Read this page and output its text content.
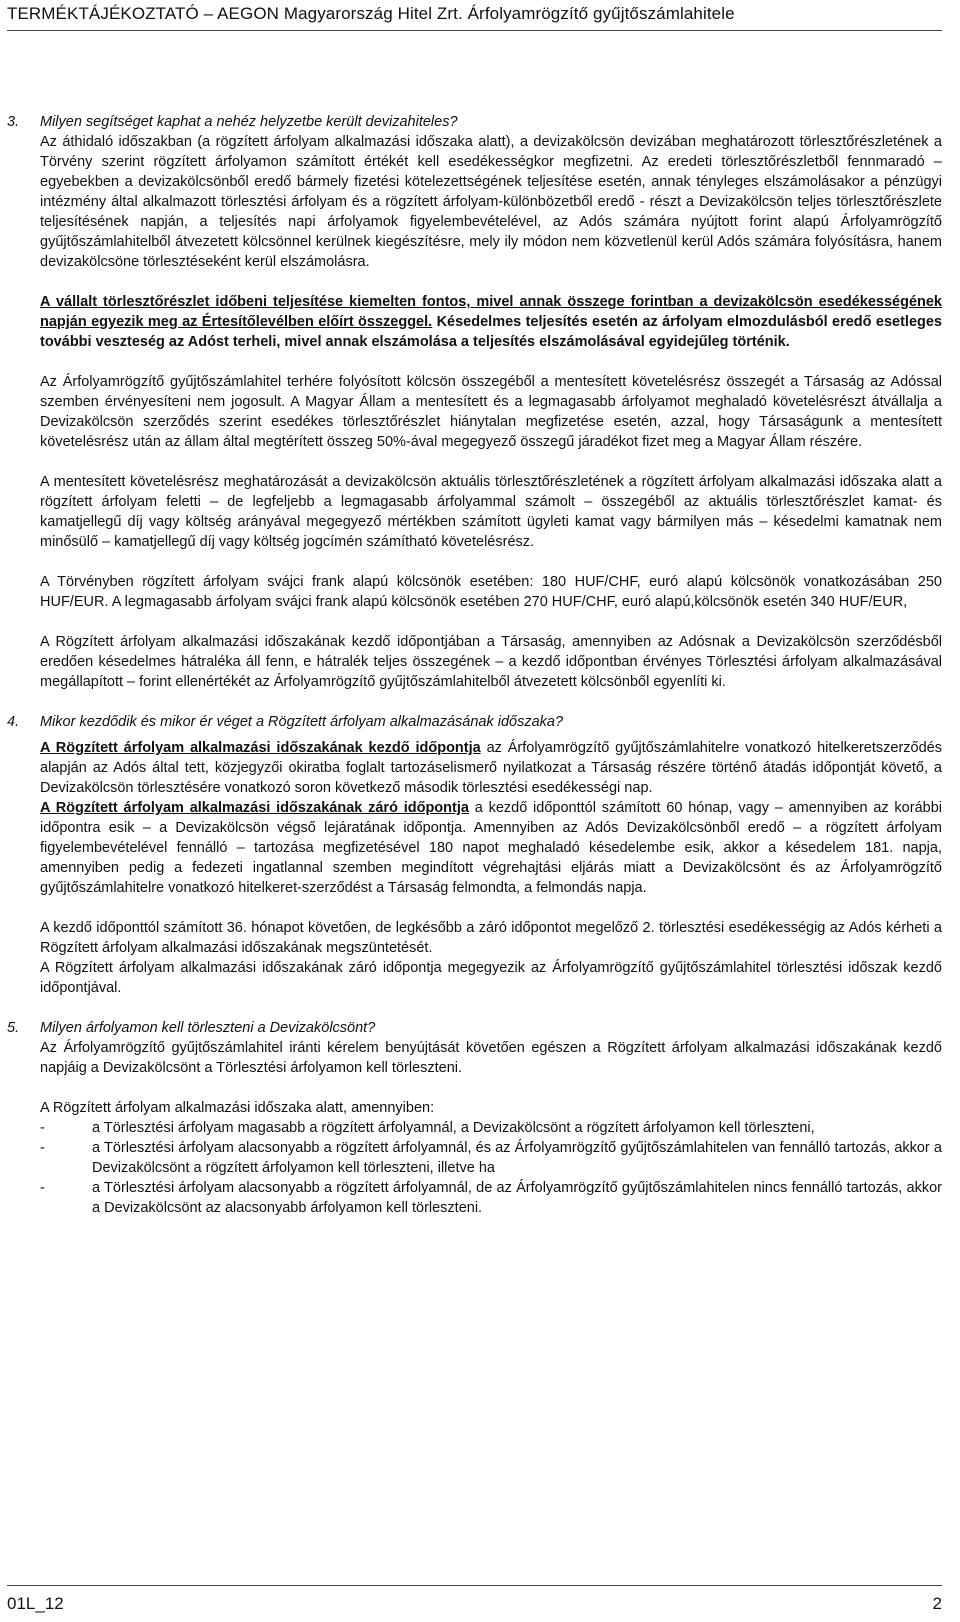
TERMÉKTÁJÉKOZTATÓ – AEGON Magyarország Hitel Zrt. Árfolyamrögzítő gyűjtőszámlahitele
3.	Milyen segítséget kaphat a nehéz helyzetbe került devizahiteles?

Az áthidaló időszakban (a rögzített árfolyam alkalmazási időszaka alatt), a devizakölcsön devizában meghatározott törlesztőrészletének a Törvény szerint rögzített árfolyamon számított értékét kell esedékességkor megfizetni. Az eredeti törlesztőrészletből fennmaradó – egyebekben a devizakölcsönből eredő bármely fizetési kötelezettségének teljesítése esetén, annak tényleges elszámolásakor a pénzügyi intézmény által alkalmazott törlesztési árfolyam és a rögzített árfolyam-különbözetből eredő - részt a Devizakölcsön teljes törlesztőrészlete teljesítésének napján, a teljesítés napi árfolyamok figyelembevételével, az Adós számára nyújtott forint alapú Árfolyamrögzítő gyűjtőszámlahitelből átvezetett kölcsönnel kerülnek kiegészítésre, mely ily módon nem közvetlenül kerül Adós számára folyósításra, hanem devizakölcsöne törlesztéseként kerül elszámolásra.

A vállalt törlesztőrészlet időbeni teljesítése kiemelten fontos, mivel annak összege forintban a devizakölcsön esedékességének napján egyezik meg az Értesítőlevélben előírt összeggel. Késedelmes teljesítés esetén az árfolyam elmozdulásból eredő esetleges további veszteség az Adóst terheli, mivel annak elszámolása a teljesítés elszámolásával egyidejűleg történik.

Az Árfolyamrögzítő gyűjtőszámlahitel terhére folyósított kölcsön összegéből a mentesített követelésrész összegét a Társaság az Adóssal szemben érvényesíteni nem jogosult. A Magyar Állam a mentesített és a legmagasabb árfolyamot meghaladó követelésrészt átvállalja a Devizakölcsön szerződés szerint esedékes törlesztőrészlet hiánytalan megfizetése esetén, azzal, hogy Társaságunk a mentesített követelésrész után az állam által megtérített összeg 50%-ával megegyező összegű járadékot fizet meg a Magyar Állam részére.

A mentesített követelésrész meghatározását a devizakölcsön aktuális törlesztőrészletének a rögzített árfolyam alkalmazási időszaka alatt a rögzített árfolyam feletti – de legfeljebb a legmagasabb árfolyammal számolt – összegéből az aktuális törlesztőrészlet kamat- és kamatjellegű díj vagy költség arányával megegyező mértékben számított ügyleti kamat vagy bármilyen más – késedelmi kamatnak nem minősülő – kamatjellegű díj vagy költség jogcímén számítható követelésrész.

A Törvényben rögzített árfolyam svájci frank alapú kölcsönök esetében: 180 HUF/CHF, euró alapú kölcsönök vonatkozásában 250 HUF/EUR. A legmagasabb árfolyam svájci frank alapú kölcsönök esetében 270 HUF/CHF, euró alapú,kölcsönök esetén 340 HUF/EUR,

A Rögzített árfolyam alkalmazási időszakának kezdő időpontjában a Társaság, amennyiben az Adósnak a Devizakölcsön szerződésből eredően késedelmes hátraléka áll fenn, e hátralék teljes összegének – a kezdő időpontban érvényes Törlesztési árfolyam alkalmazásával megállapított – forint ellenértékét az Árfolyamrögzítő gyűjtőszámlahitelből átvezetett kölcsönből egyenlíti ki.

4.	Mikor kezdődik és mikor ér véget a Rögzített árfolyam alkalmazásának időszaka?

A Rögzített árfolyam alkalmazási időszakának kezdő időpontja az Árfolyamrögzítő gyűjtőszámlahitelre vonatkozó hitelkeretszerződés alapján az Adós által tett, közjegyzői okiratba foglalt tartozáselismerő nyilatkozat a Társaság részére történő átadás időpontját követő, a Devizakölcsön törlesztésére vonatkozó soron következő második törlesztési esedékességi nap.

A Rögzített árfolyam alkalmazási időszakának záró időpontja a kezdő időponttól számított 60 hónap, vagy – amennyiben az korábbi időpontra esik – a Devizakölcsön végső lejáratának időpontja. Amennyiben az Adós Devizakölcsönből eredő – a rögzített árfolyam figyelembevételével fennálló – tartozása megfizetésével 180 napot meghaladó késedelembe esik, akkor a késedelem 181. napja, amennyiben pedig a fedezeti ingatlannal szemben megindított végrehajtási eljárás miatt a Devizakölcsönt és az Árfolyamrögzítő gyűjtőszámlahitelre vonatkozó hitelkeret-szerződést a Társaság felmondta, a felmondás napja.

A kezdő időponttól számított 36. hónapot követően, de legkésőbb a záró időpontot megelőző 2. törlesztési esedékességig az Adós kérheti a Rögzített árfolyam alkalmazási időszakának megszüntetését.

A Rögzített árfolyam alkalmazási időszakának záró időpontja megegyezik az Árfolyamrögzítő gyűjtőszámlahitel törlesztési időszak kezdő időpontjával.

5.	Milyen árfolyamon kell törleszteni a Devizakölcsönt?

Az Árfolyamrögzítő gyűjtőszámlahitel iránti kérelem benyújtását követően egészen a Rögzített árfolyam alkalmazási időszakának kezdő napjáig a Devizakölcsönt a Törlesztési árfolyamon kell törleszteni.

A Rögzített árfolyam alkalmazási időszaka alatt, amennyiben:

-	a Törlesztési árfolyam magasabb a rögzített árfolyamnál, a Devizakölcsönt a rögzített árfolyamon kell törleszteni,
-	a Törlesztési árfolyam alacsonyabb a rögzített árfolyamnál, és az Árfolyamrögzítő gyűjtőszámlahitelen van fennálló tartozás, akkor a Devizakölcsönt a rögzített árfolyamon kell törleszteni, illetve ha
-	a Törlesztési árfolyam alacsonyabb a rögzített árfolyamnál, de az Árfolyamrögzítő gyűjtőszámlahitelen nincs fennálló tartozás, akkor a Devizakölcsönt az alacsonyabb árfolyamon kell törleszteni.
01L_12	2
